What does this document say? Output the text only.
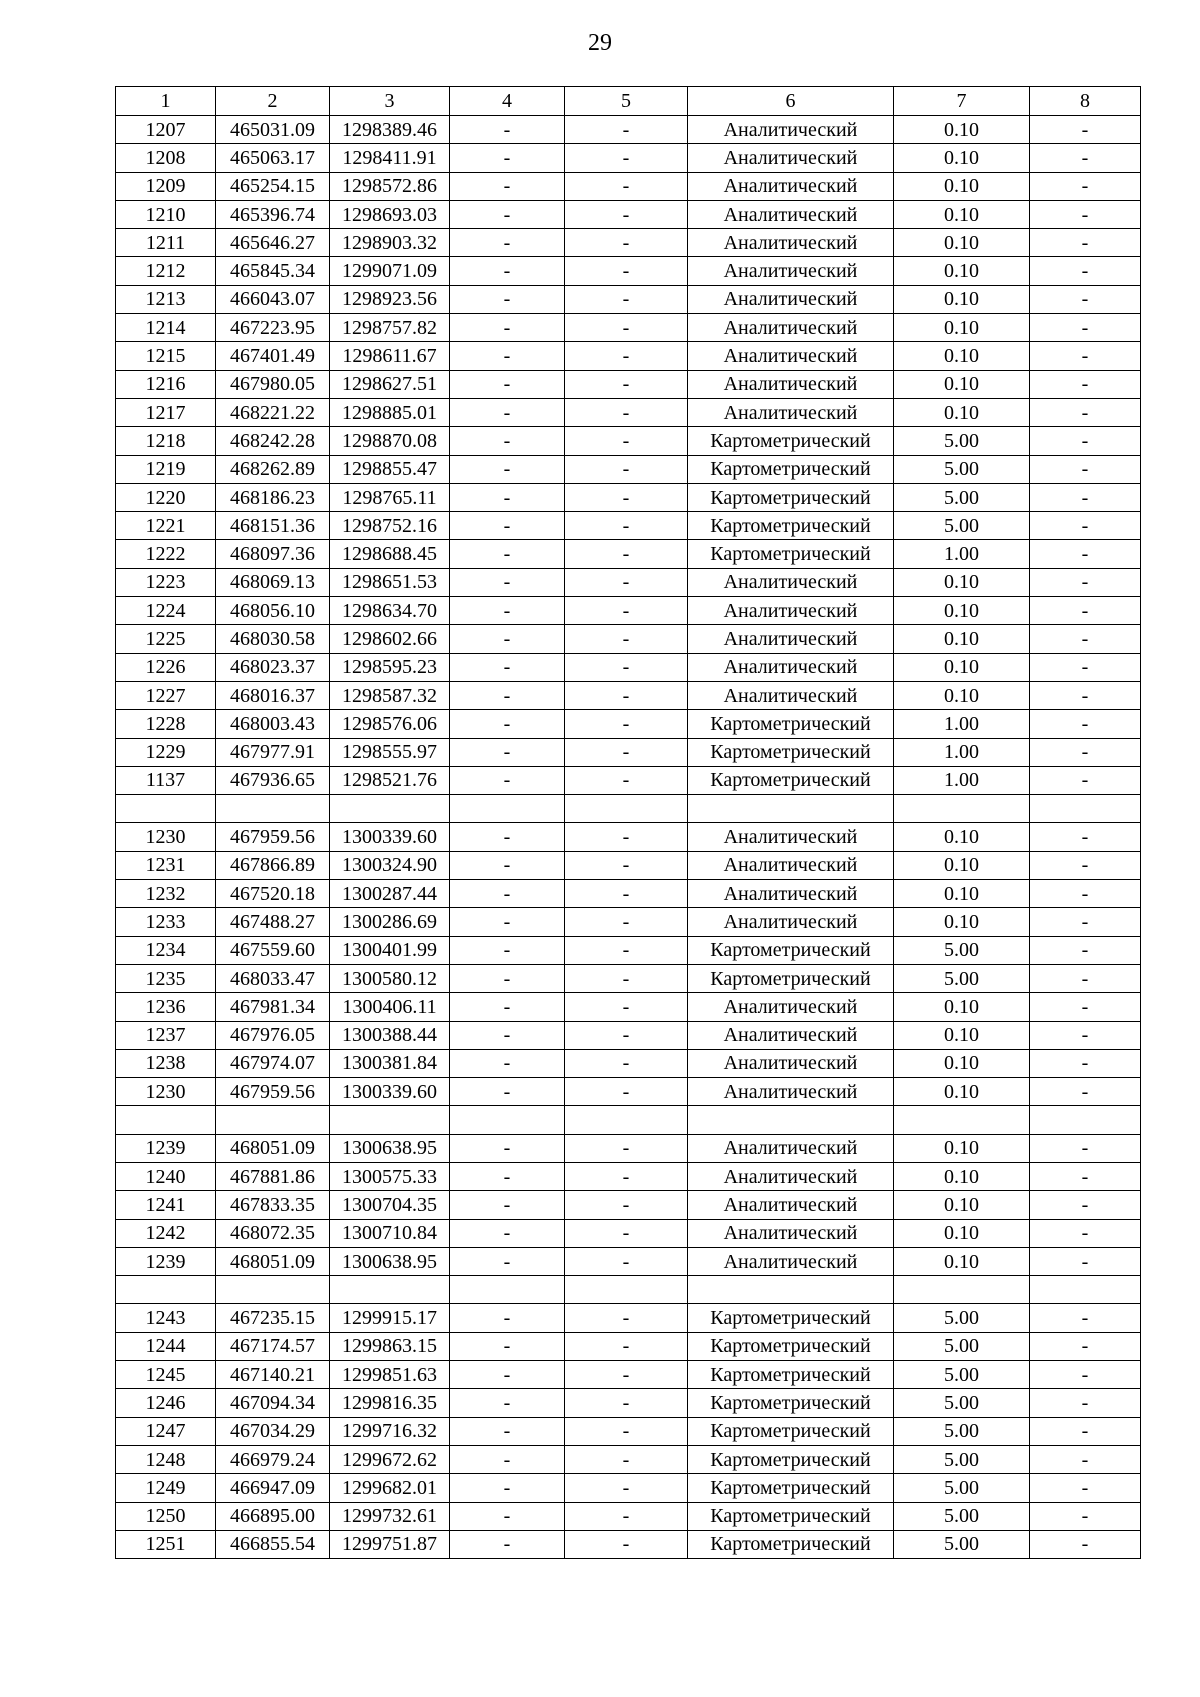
29
1	2	3	4	5	6	7	8
1207	465031.09	1298389.46	-	-	Аналитический	0.10	-
1208	465063.17	1298411.91	-	-	Аналитический	0.10	-
1209	465254.15	1298572.86	-	-	Аналитический	0.10	-
1210	465396.74	1298693.03	-	-	Аналитический	0.10	-
1211	465646.27	1298903.32	-	-	Аналитический	0.10	-
1212	465845.34	1299071.09	-	-	Аналитический	0.10	-
1213	466043.07	1298923.56	-	-	Аналитический	0.10	-
1214	467223.95	1298757.82	-	-	Аналитический	0.10	-
1215	467401.49	1298611.67	-	-	Аналитический	0.10	-
1216	467980.05	1298627.51	-	-	Аналитический	0.10	-
1217	468221.22	1298885.01	-	-	Аналитический	0.10	-
1218	468242.28	1298870.08	-	-	Картометрический	5.00	-
1219	468262.89	1298855.47	-	-	Картометрический	5.00	-
1220	468186.23	1298765.11	-	-	Картометрический	5.00	-
1221	468151.36	1298752.16	-	-	Картометрический	5.00	-
1222	468097.36	1298688.45	-	-	Картометрический	1.00	-
1223	468069.13	1298651.53	-	-	Аналитический	0.10	-
1224	468056.10	1298634.70	-	-	Аналитический	0.10	-
1225	468030.58	1298602.66	-	-	Аналитический	0.10	-
1226	468023.37	1298595.23	-	-	Аналитический	0.10	-
1227	468016.37	1298587.32	-	-	Аналитический	0.10	-
1228	468003.43	1298576.06	-	-	Картометрический	1.00	-
1229	467977.91	1298555.97	-	-	Картометрический	1.00	-
1137	467936.65	1298521.76	-	-	Картометрический	1.00	-

1230	467959.56	1300339.60	-	-	Аналитический	0.10	-
1231	467866.89	1300324.90	-	-	Аналитический	0.10	-
1232	467520.18	1300287.44	-	-	Аналитический	0.10	-
1233	467488.27	1300286.69	-	-	Аналитический	0.10	-
1234	467559.60	1300401.99	-	-	Картометрический	5.00	-
1235	468033.47	1300580.12	-	-	Картометрический	5.00	-
1236	467981.34	1300406.11	-	-	Аналитический	0.10	-
1237	467976.05	1300388.44	-	-	Аналитический	0.10	-
1238	467974.07	1300381.84	-	-	Аналитический	0.10	-
1230	467959.56	1300339.60	-	-	Аналитический	0.10	-

1239	468051.09	1300638.95	-	-	Аналитический	0.10	-
1240	467881.86	1300575.33	-	-	Аналитический	0.10	-
1241	467833.35	1300704.35	-	-	Аналитический	0.10	-
1242	468072.35	1300710.84	-	-	Аналитический	0.10	-
1239	468051.09	1300638.95	-	-	Аналитический	0.10	-

1243	467235.15	1299915.17	-	-	Картометрический	5.00	-
1244	467174.57	1299863.15	-	-	Картометрический	5.00	-
1245	467140.21	1299851.63	-	-	Картометрический	5.00	-
1246	467094.34	1299816.35	-	-	Картометрический	5.00	-
1247	467034.29	1299716.32	-	-	Картометрический	5.00	-
1248	466979.24	1299672.62	-	-	Картометрический	5.00	-
1249	466947.09	1299682.01	-	-	Картометрический	5.00	-
1250	466895.00	1299732.61	-	-	Картометрический	5.00	-
1251	466855.54	1299751.87	-	-	Картометрический	5.00	-
